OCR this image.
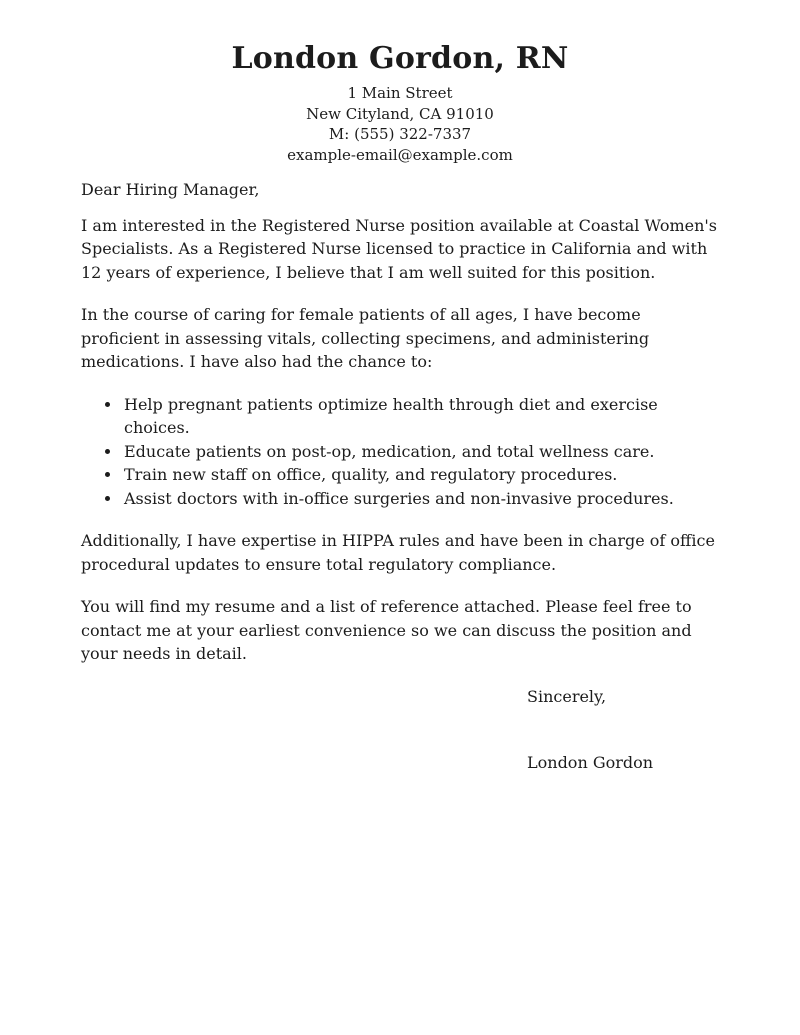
London Gordon, RN
1 Main Street
New Cityland, CA 91010
M: (555) 322-7337
example-email@example.com

Dear Hiring Manager,

I am interested in the Registered Nurse position available at Coastal Women's Specialists. As a Registered Nurse licensed to practice in California and with 12 years of experience, I believe that I am well suited for this position.

In the course of caring for female patients of all ages, I have become proficient in assessing vitals, collecting specimens, and administering medications. I have also had the chance to:

• Help pregnant patients optimize health through diet and exercise choices.
• Educate patients on post-op, medication, and total wellness care.
• Train new staff on office, quality, and regulatory procedures.
• Assist doctors with in-office surgeries and non-invasive procedures.

Additionally, I have expertise in HIPPA rules and have been in charge of office procedural updates to ensure total regulatory compliance.

You will find my resume and a list of reference attached. Please feel free to contact me at your earliest convenience so we can discuss the position and your needs in detail.

Sincerely,

London Gordon
